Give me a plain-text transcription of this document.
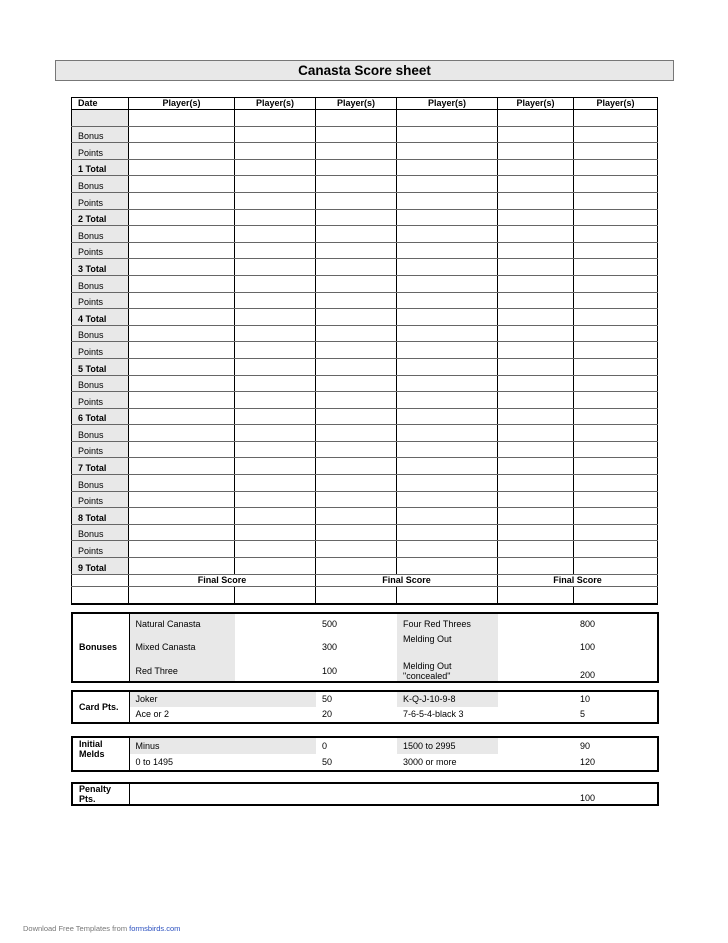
Canasta Score sheet
Date	Player(s)	Player(s)	Player(s)	Player(s)	Player(s)	Player(s)

Bonus						
Points						
1 Total						
Bonus						
Points						
2 Total						
Bonus						
Points						
3 Total						
Bonus						
Points						
4 Total						
Bonus						
Points						
5 Total						
Bonus						
Points						
6 Total						
Bonus						
Points						
7 Total						
Bonus						
Points						
8 Total						
Bonus						
Points						
9 Total						
	Final Score		Final Score		Final Score	

Bonuses	Natural Canasta		500	Four Red Threes	800
	Mixed Canasta		300	Melding Out	100
	Red Three		100	Melding Out
"concealed"	200
Card Pts.	Joker		50	K-Q-J-10-9-8	10
	Ace or 2		20	7-6-5-4-black 3	5
Initial
Melds	Minus		0	1500 to 2995	90
	0 to 1495		50	3000 or more	120
Penalty
Pts.					100
Download Free Templates from formsbirds.com
